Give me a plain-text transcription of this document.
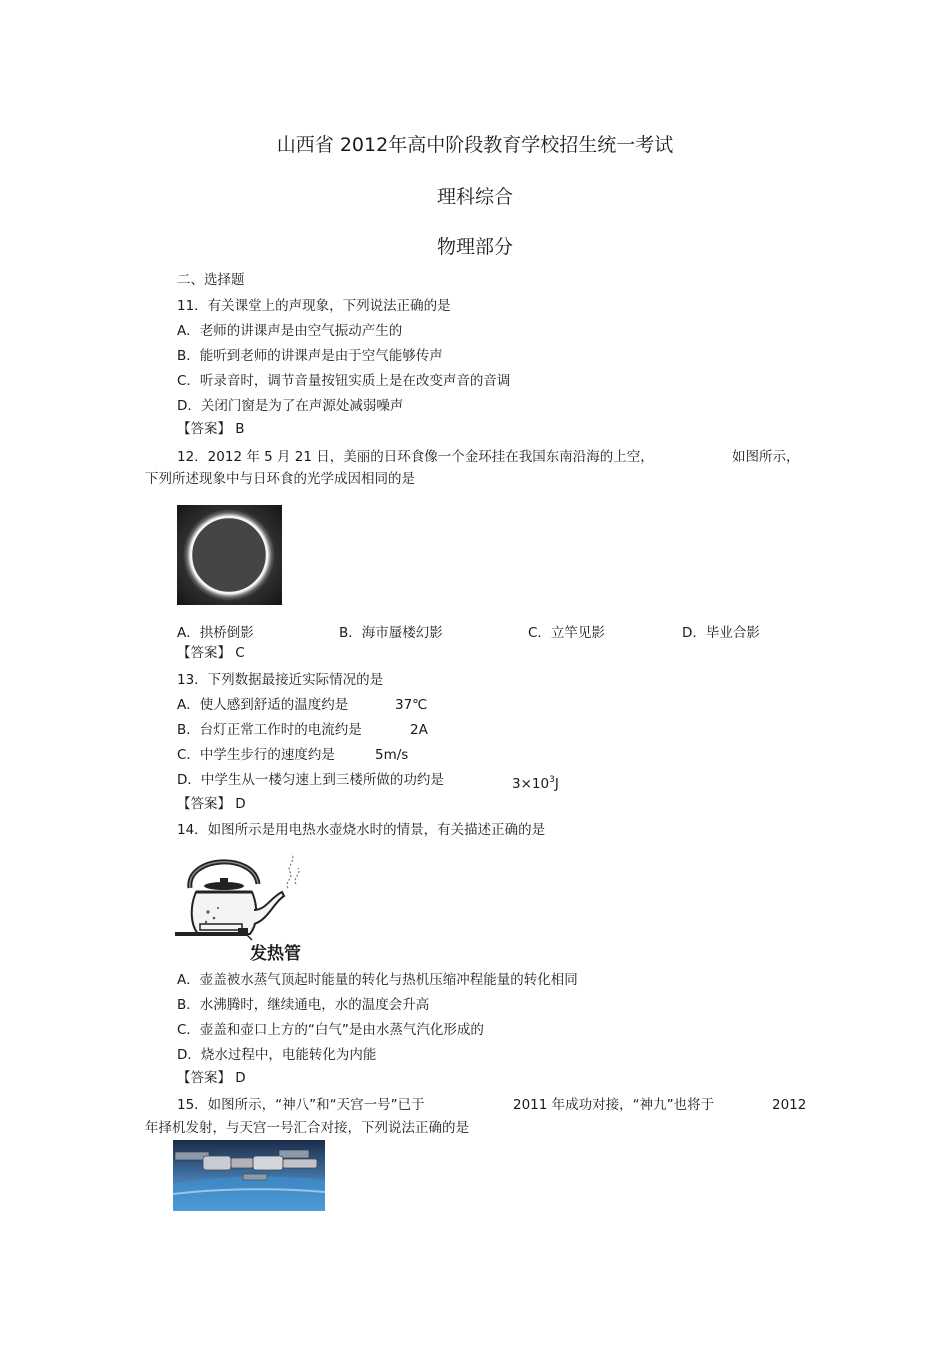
山西省 2012年高中阶段教育学校招生统一考试
理科综合
物理部分
二、选择题
11．有关课堂上的声现象，下列说法正确的是
A．老师的讲课声是由空气振动产生的
B．能听到老师的讲课声是由于空气能够传声
C．听录音时，调节音量按钮实质上是在改变声音的音调
D．关闭门窗是为了在声源处减弱噪声
【答案】 B
12．2012 年 5 月 21 日，美丽的日环食像一个金环挂在我国东南沿海的上空，	如图所示，
下列所述现象中与日环食的光学成因相同的是
A．拱桥倒影	B．海市蜃楼幻影	C．立竿见影	D．毕业合影
【答案】 C
13．下列数据最接近实际情况的是
A．使人感到舒适的温度约是	37℃
B．台灯正常工作时的电流约是	2A
C．中学生步行的速度约是	5m/s
D．中学生从一楼匀速上到三楼所做的功约是	$3\times 10^3J$
【答案】 D
14．如图所示是用电热水壶烧水时的情景，有关描述正确的是
发热管
A．壶盖被水蒸气顶起时能量的转化与热机压缩冲程能量的转化相同
B．水沸腾时，继续通电，水的温度会升高
C．壶盖和壶口上方的“白气”是由水蒸气汽化形成的
D．烧水过程中，电能转化为内能
【答案】 D
15．如图所示，“神八”和“天宫一号”已于	2011 年成功对接，“神九”也将于	2012
年择机发射，与天宫一号汇合对接，下列说法正确的是
